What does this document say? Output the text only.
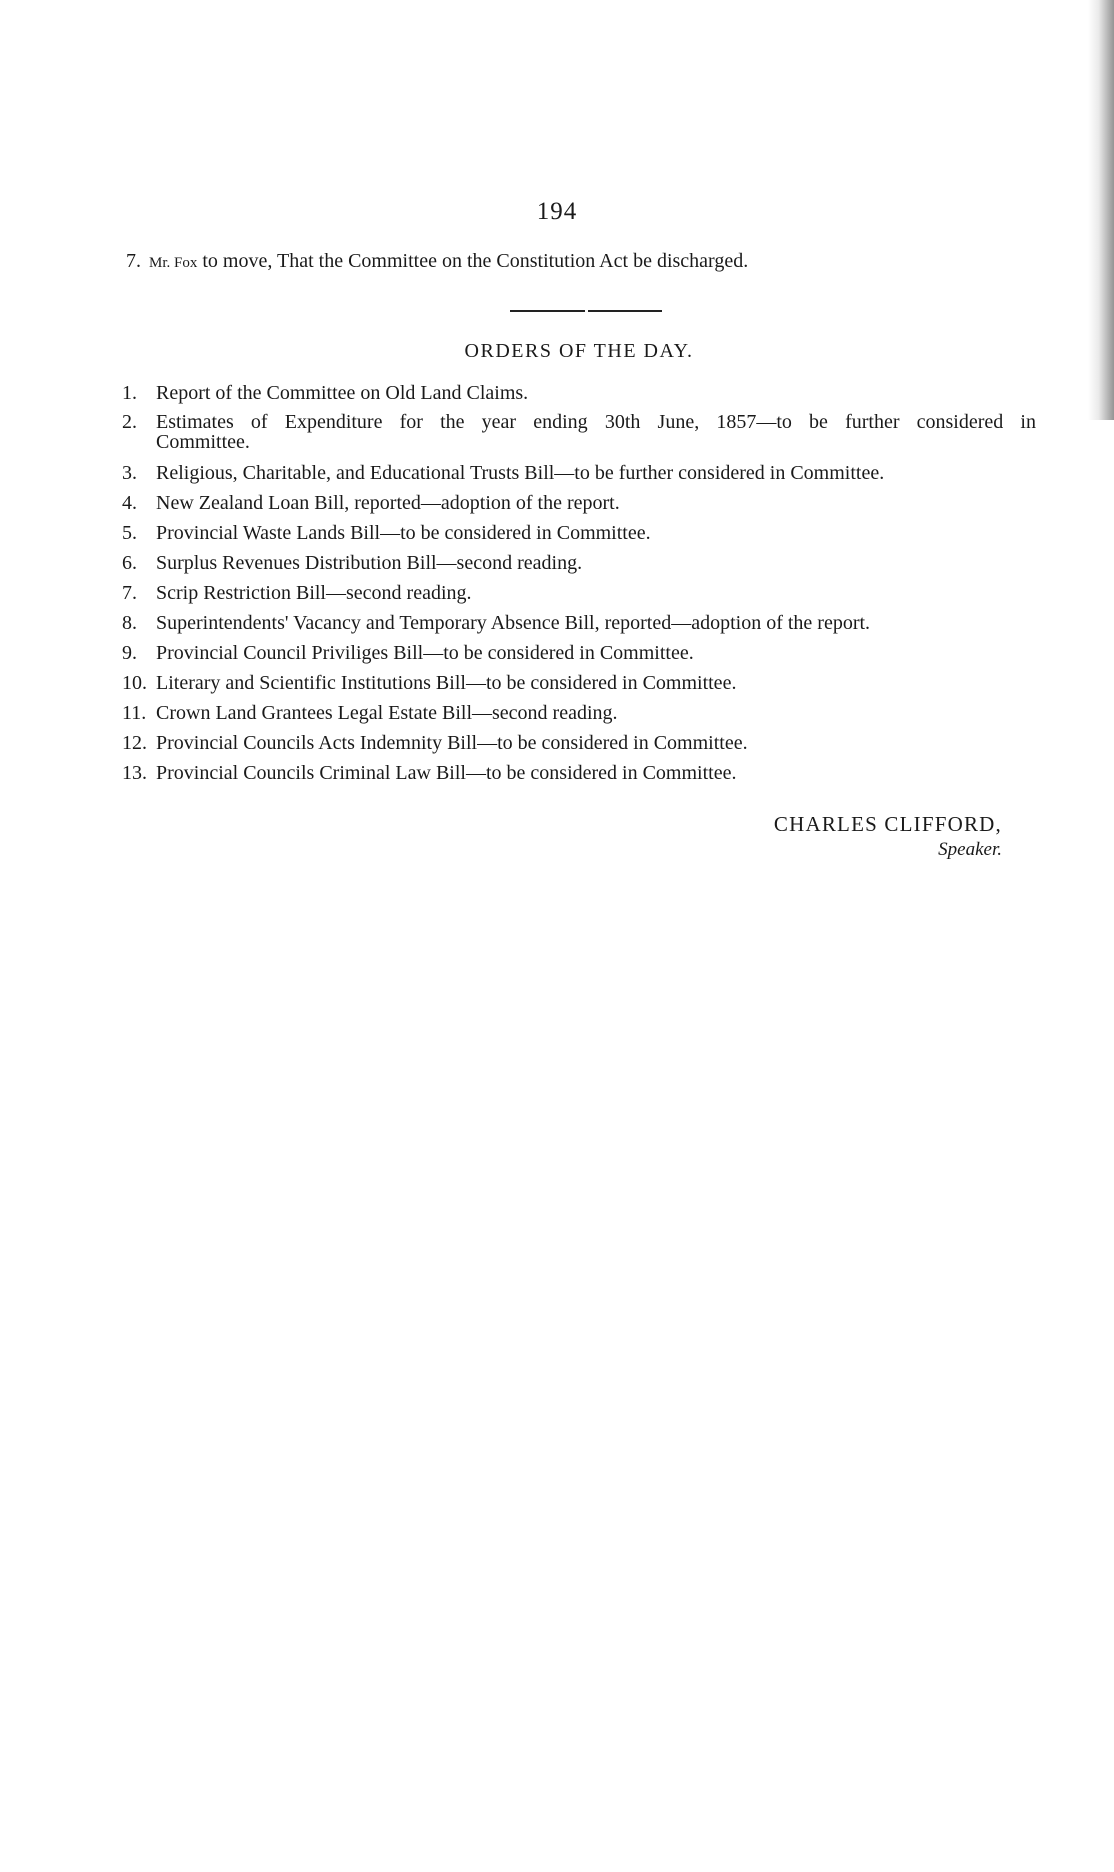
194
7. Mr. Fox to move, That the Committee on the Constitution Act be discharged.
ORDERS OF THE DAY.
1. Report of the Committee on Old Land Claims.
2. Estimates of Expenditure for the year ending 30th June, 1857—to be further considered in
Committee.
3. Religious, Charitable, and Educational Trusts Bill—to be further considered in Committee.
4. New Zealand Loan Bill, reported—adoption of the report.
5. Provincial Waste Lands Bill—to be considered in Committee.
6. Surplus Revenues Distribution Bill—second reading.
7. Scrip Restriction Bill—second reading.
8. Superintendents' Vacancy and Temporary Absence Bill, reported—adoption of the report.
9. Provincial Council Priviliges Bill—to be considered in Committee.
10. Literary and Scientific Institutions Bill—to be considered in Committee.
11. Crown Land Grantees Legal Estate Bill—second reading.
12. Provincial Councils Acts Indemnity Bill—to be considered in Committee.
13. Provincial Councils Criminal Law Bill—to be considered in Committee.
CHARLES CLIFFORD,
Speaker.
